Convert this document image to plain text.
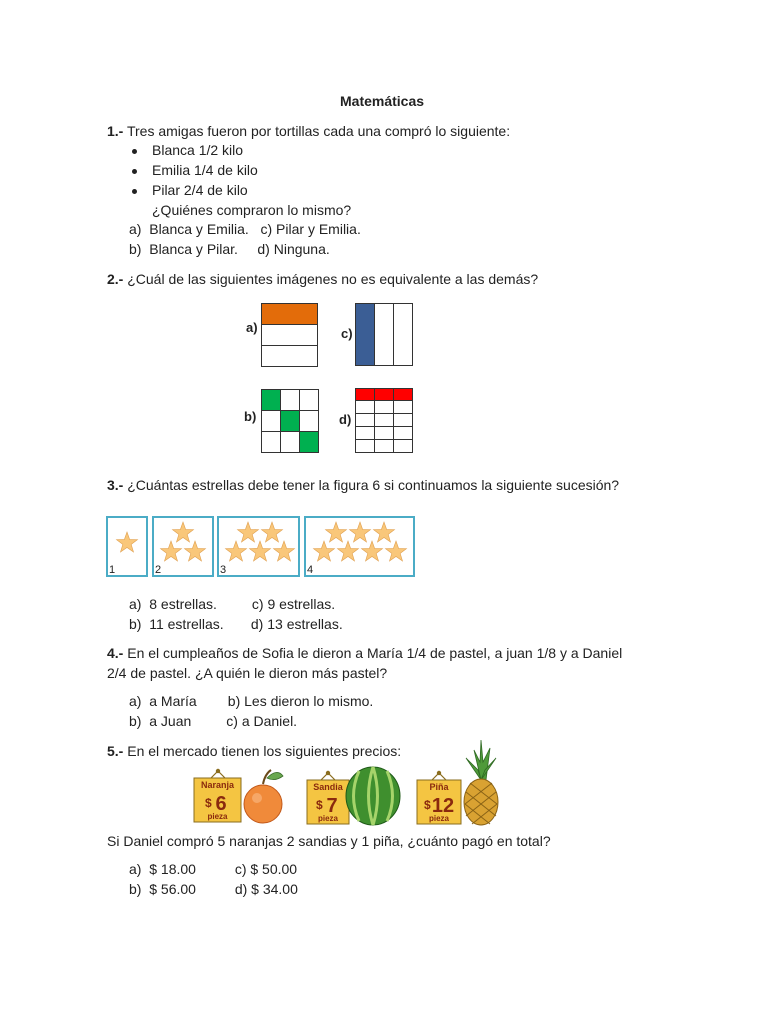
Matemáticas
1.- Tres amigas fueron por tortillas cada una compró lo siguiente:
Blanca 1/2 kilo
Emilia 1/4 de kilo
Pilar 2/4 de kilo
¿Quiénes compraron lo mismo?
a)  Blanca y Emilia.   c) Pilar y Emilia.
b)  Blanca y Pilar.     d) Ninguna.
2.- ¿Cuál de las siguientes imágenes no es equivalente a las demás?
a)	c)
b)	d)
3.- ¿Cuántas estrellas debe tener la figura 6 si continuamos la siguiente sucesión?
1	2	3	4
a)  8 estrellas.         c) 9 estrellas.
b)  11 estrellas.       d) 13 estrellas.
4.- En el cumpleaños de Sofia le dieron a María 1/4 de pastel, a juan 1/8 y a Daniel
2/4 de pastel. ¿A quién le dieron más pastel?
a)  a María        b) Les dieron lo mismo.
b)  a Juan         c) a Daniel.
5.- En el mercado tienen los siguientes precios:
Naranja
$ 6
pieza
Sandia
$ 7
pieza
Piña
$ 12
pieza
Si Daniel compró 5 naranjas 2 sandias y 1 piña, ¿cuánto pagó en total?
a)  $ 18.00          c) $ 50.00
b)  $ 56.00          d) $ 34.00
